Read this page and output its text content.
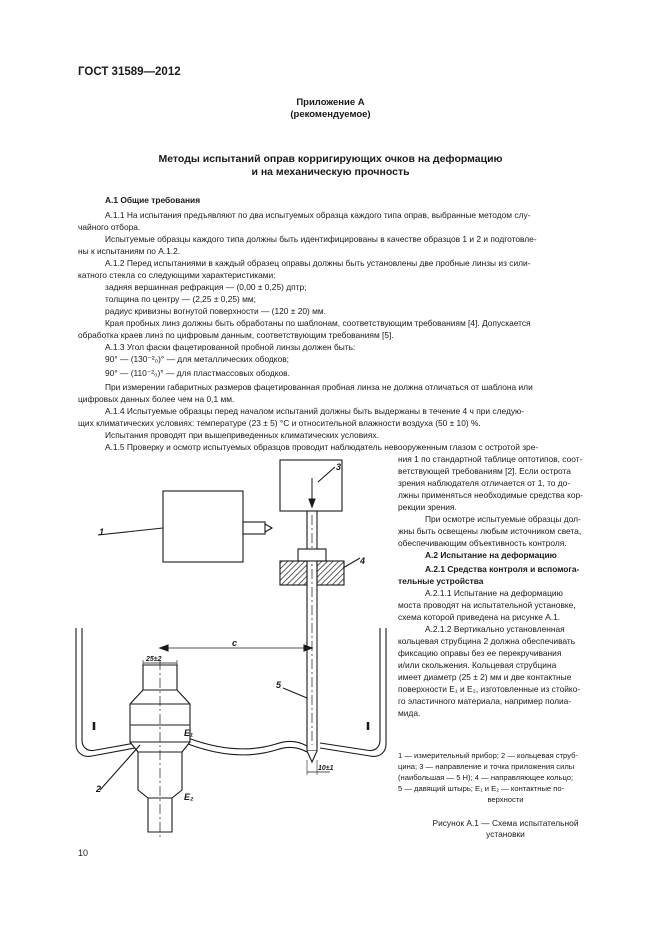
ГОСТ 31589—2012
Приложение А
(рекомендуемое)
Методы испытаний оправ корригирующих очков на деформацию
и на механическую прочность
А.1 Общие требования
А.1.1 На испытания предъявляют по два испытуемых образца каждого типа оправ, выбранные методом слу-
чайного отбора.
Испытуемые образцы каждого типа должны быть идентифицированы в качестве образцов 1 и 2 и подготовле-
ны к испытаниям по А.1.2.
А.1.2 Перед испытаниями в каждый образец оправы должны быть установлены две пробные линзы из сили-
катного стекла со следующими характеристиками:
задняя вершинная рефракция — (0,00 ± 0,25) дптр;
толщина по центру — (2,25 ± 0,25) мм;
радиус кривизны вогнутой поверхности — (120 ± 20) мм.
Края пробных линз должны быть обработаны по шаблонам, соответствующим требованиям [4]. Допускается
обработка краев линз по цифровым данным, соответствующим требованиям [5].
А.1.3 Угол фаски фацетированной пробной линзы должен быть:
90° — (130⁻²₀)° — для металлических ободков;
90° — (110⁻²₀)° — для пластмассовых ободков.
При измерении габаритных размеров фацетированная пробная линза не должна отличаться от шаблона или
цифровых данных более чем на 0,1 мм.
А.1.4 Испытуемые образцы перед началом испытаний должны быть выдержаны в течение 4 ч при следую-
щих климатических условиях: температуре (23 ± 5) °С и относительной влажности воздуха (50 ± 10) %.
Испытания проводят при вышеприведенных климатических условиях.
А.1.5 Проверку и осмотр испытуемых образцов проводит наблюдатель невооруженным глазом с остротой зре-
ния 1 по стандартной таблице оптотипов, соот-
ветствующей требованиям [2]. Если острота
зрения наблюдателя отличается от 1, то до-
лжны применяться необходимые средства кор-
рекции зрения.
При осмотре испытуемые образцы дол-
жны быть освещены любым источником света,
обеспечивающим объективность контроля.
А.2 Испытание на деформацию
А.2.1 Средства контроля и вспомога-
тельные устройства
А.2.1.1 Испытание на деформацию
моста проводят на испытательной установке,
схема которой приведена на рисунке А.1.
А.2.1.2 Вертикально установленная
кольцевая струбцина 2 должна обеспечивать
фиксацию оправы без ее перекручивания
и/или скольжения. Кольцевая струбцина
имеет диаметр (25 ± 2) мм и две контактные
поверхности E₁ и E₂, изготовленные из стойко-
го эластичного материала, например полиа-
мида.
1 — измерительный прибор; 2 — кольцевая струб-
цина; 3 — направление и точка приложения силы
(наибольшая — 5 Н); 4 — направляющее кольцо;
5 — давящий штырь; E₁ и E₂ — контактные по-
верхности
Рисунок А.1 — Схема испытательной
установки
10
1
2
3
4
5
c
E₁
E₂
25±2
10±1
